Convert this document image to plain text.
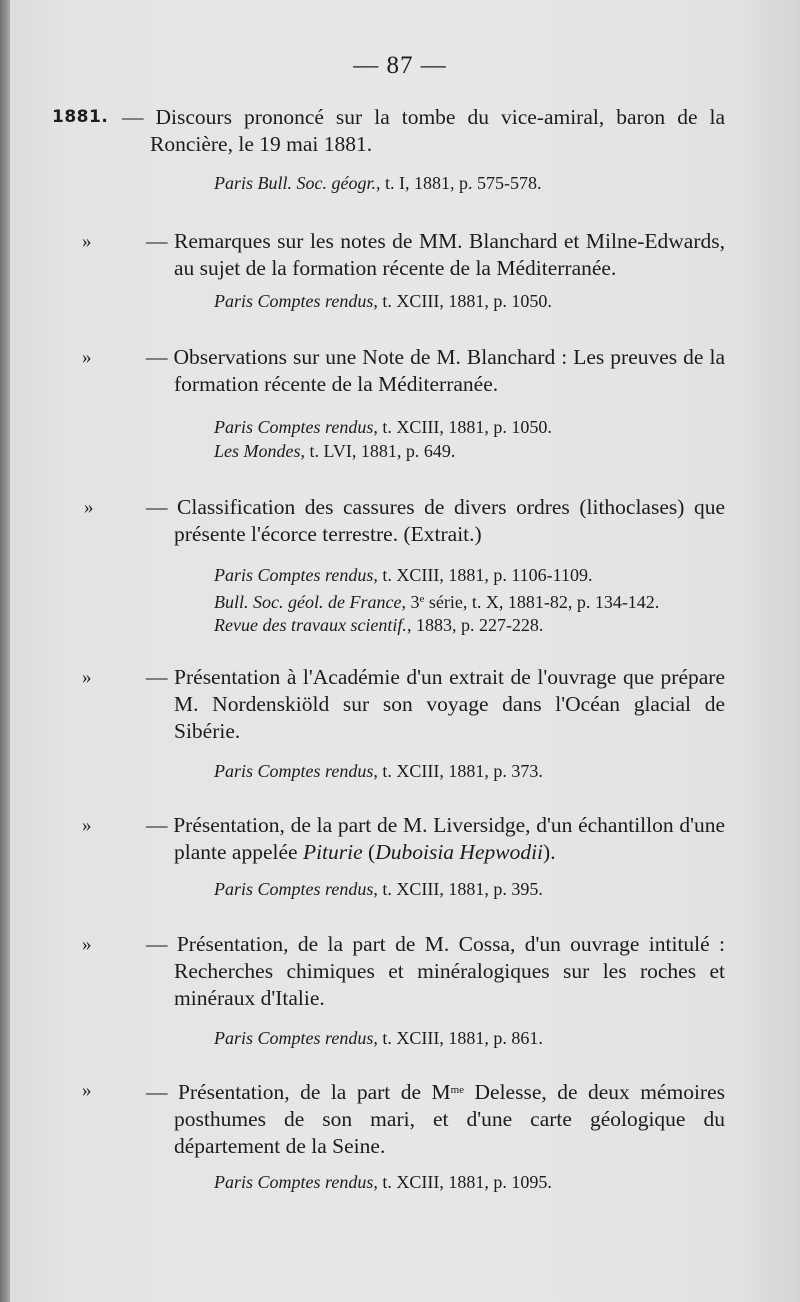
— 87 —
1881. — Discours prononcé sur la tombe du vice-amiral, baron de la Roncière, le 19 mai 1881.
Paris Bull. Soc. géogr., t. I, 1881, p. 575-578.
»	— Remarques sur les notes de MM. Blanchard et Milne-Edwards, au sujet de la formation récente de la Méditerranée.
Paris Comptes rendus, t. XCIII, 1881, p. 1050.
»	— Observations sur une Note de M. Blanchard : Les preuves de la formation récente de la Méditerranée.
Paris Comptes rendus, t. XCIII, 1881, p. 1050.
Les Mondes, t. LVI, 1881, p. 649.
»	— Classification des cassures de divers ordres (lithoclases) que présente l'écorce terrestre. (Extrait.)
Paris Comptes rendus, t. XCIII, 1881, p. 1106-1109.
Bull. Soc. géol. de France, 3e série, t. X, 1881-82, p. 134-142.
Revue des travaux scientif., 1883, p. 227-228.
»	— Présentation à l'Académie d'un extrait de l'ouvrage que prépare M. Nordenskiöld sur son voyage dans l'Océan glacial de Sibérie.
Paris Comptes rendus, t. XCIII, 1881, p. 373.
»	— Présentation, de la part de M. Liversidge, d'un échantillon d'une plante appelée Piturie (Duboisia Hepwodii).
Paris Comptes rendus, t. XCIII, 1881, p. 395.
»	— Présentation, de la part de M. Cossa, d'un ouvrage intitulé : Recherches chimiques et minéralogiques sur les roches et minéraux d'Italie.
Paris Comptes rendus, t. XCIII, 1881, p. 861.
»	— Présentation, de la part de $M^{me}$ Delesse, de deux mémoires posthumes de son mari, et d'une carte géologique du département de la Seine.
Paris Comptes rendus, t. XCIII, 1881, p. 1095.
